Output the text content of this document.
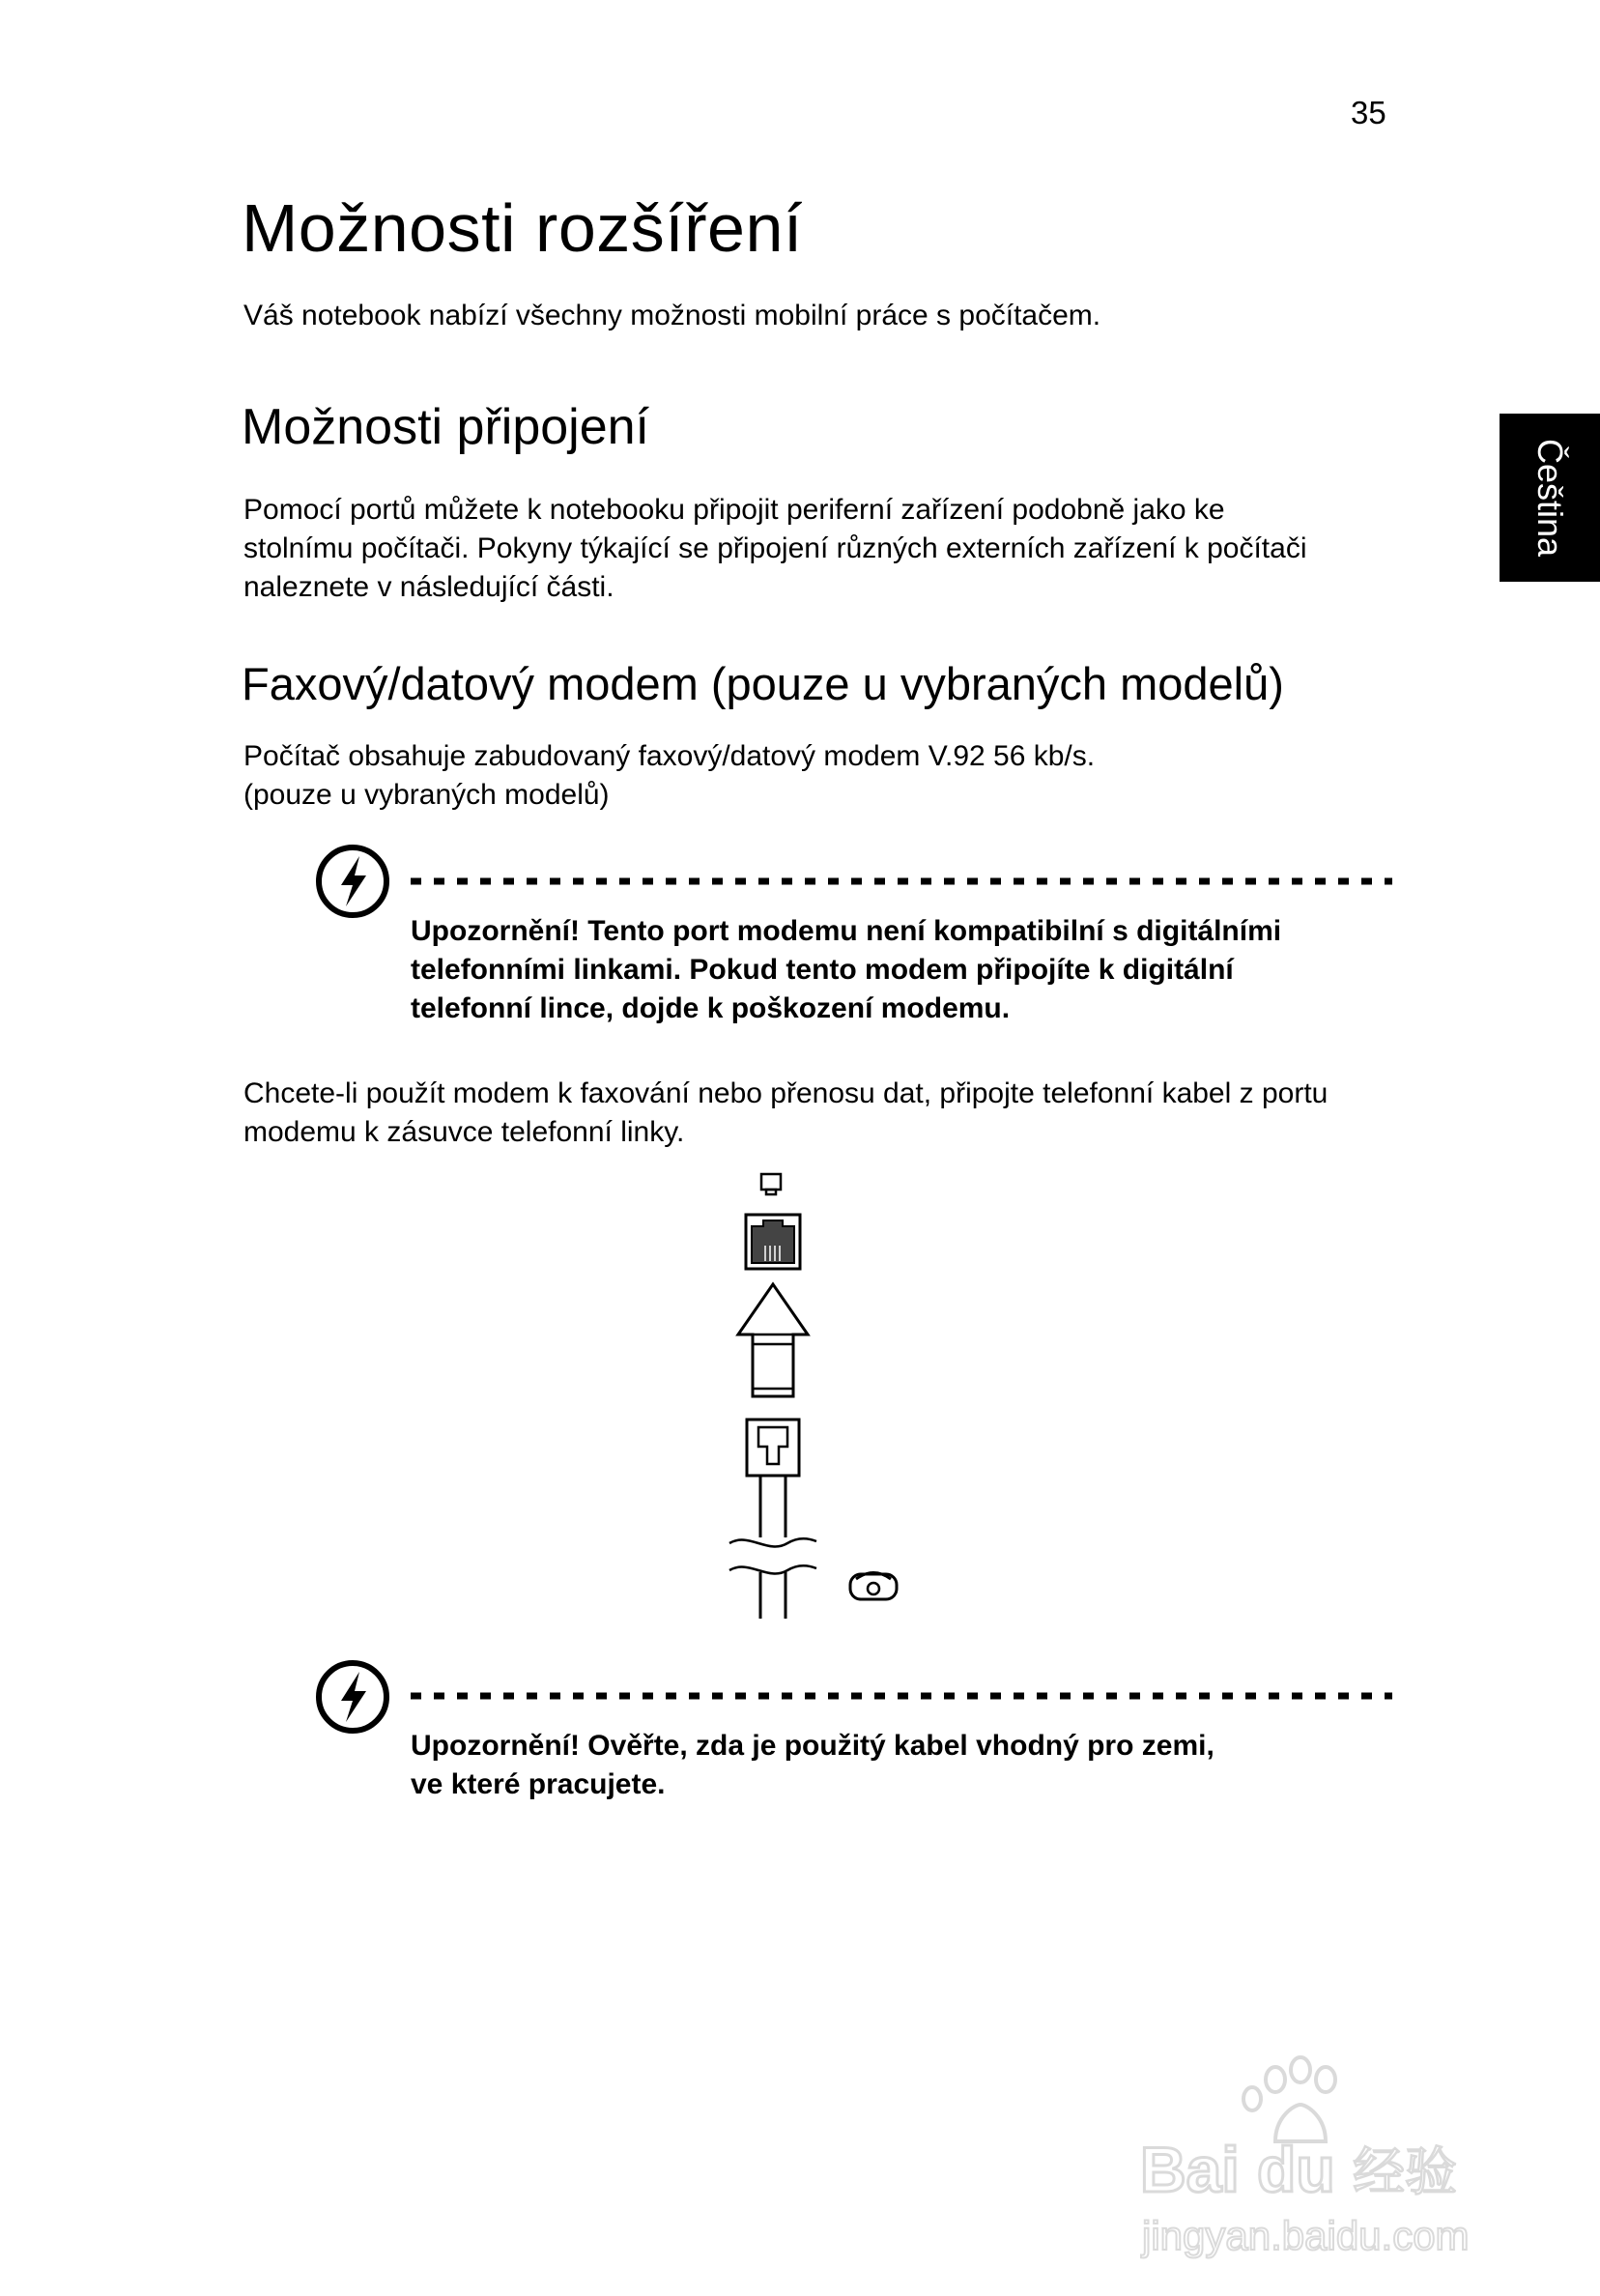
35
Čeština
Možnosti rozšíření

Váš notebook nabízí všechny možnosti mobilní práce s počítačem.

Možnosti připojení
Pomocí portů můžete k notebooku připojit periferní zařízení podobně jako ke
stolnímu počítači. Pokyny týkající se připojení různých externích zařízení k počítači
naleznete v následující části.
Faxový/datový modem (pouze u vybraných modelů)
Počítač obsahuje zabudovaný faxový/datový modem V.92 56 kb/s.
(pouze u vybraných modelů)

Upozornění! Tento port modemu není kompatibilní s digitálními

telefonními linkami. Pokud tento modem připojíte k digitální

telefonní lince, dojde k poškození modemu.

Chcete-li použít modem k faxování nebo přenosu dat, připojte telefonní kabel z portu
modemu k zásuvce telefonní linky.

Upozornění! Ověřte, zda je použitý kabel vhodný pro zemi,

ve které pracujete.

Bai du 经验
jingyan.baidu.com
